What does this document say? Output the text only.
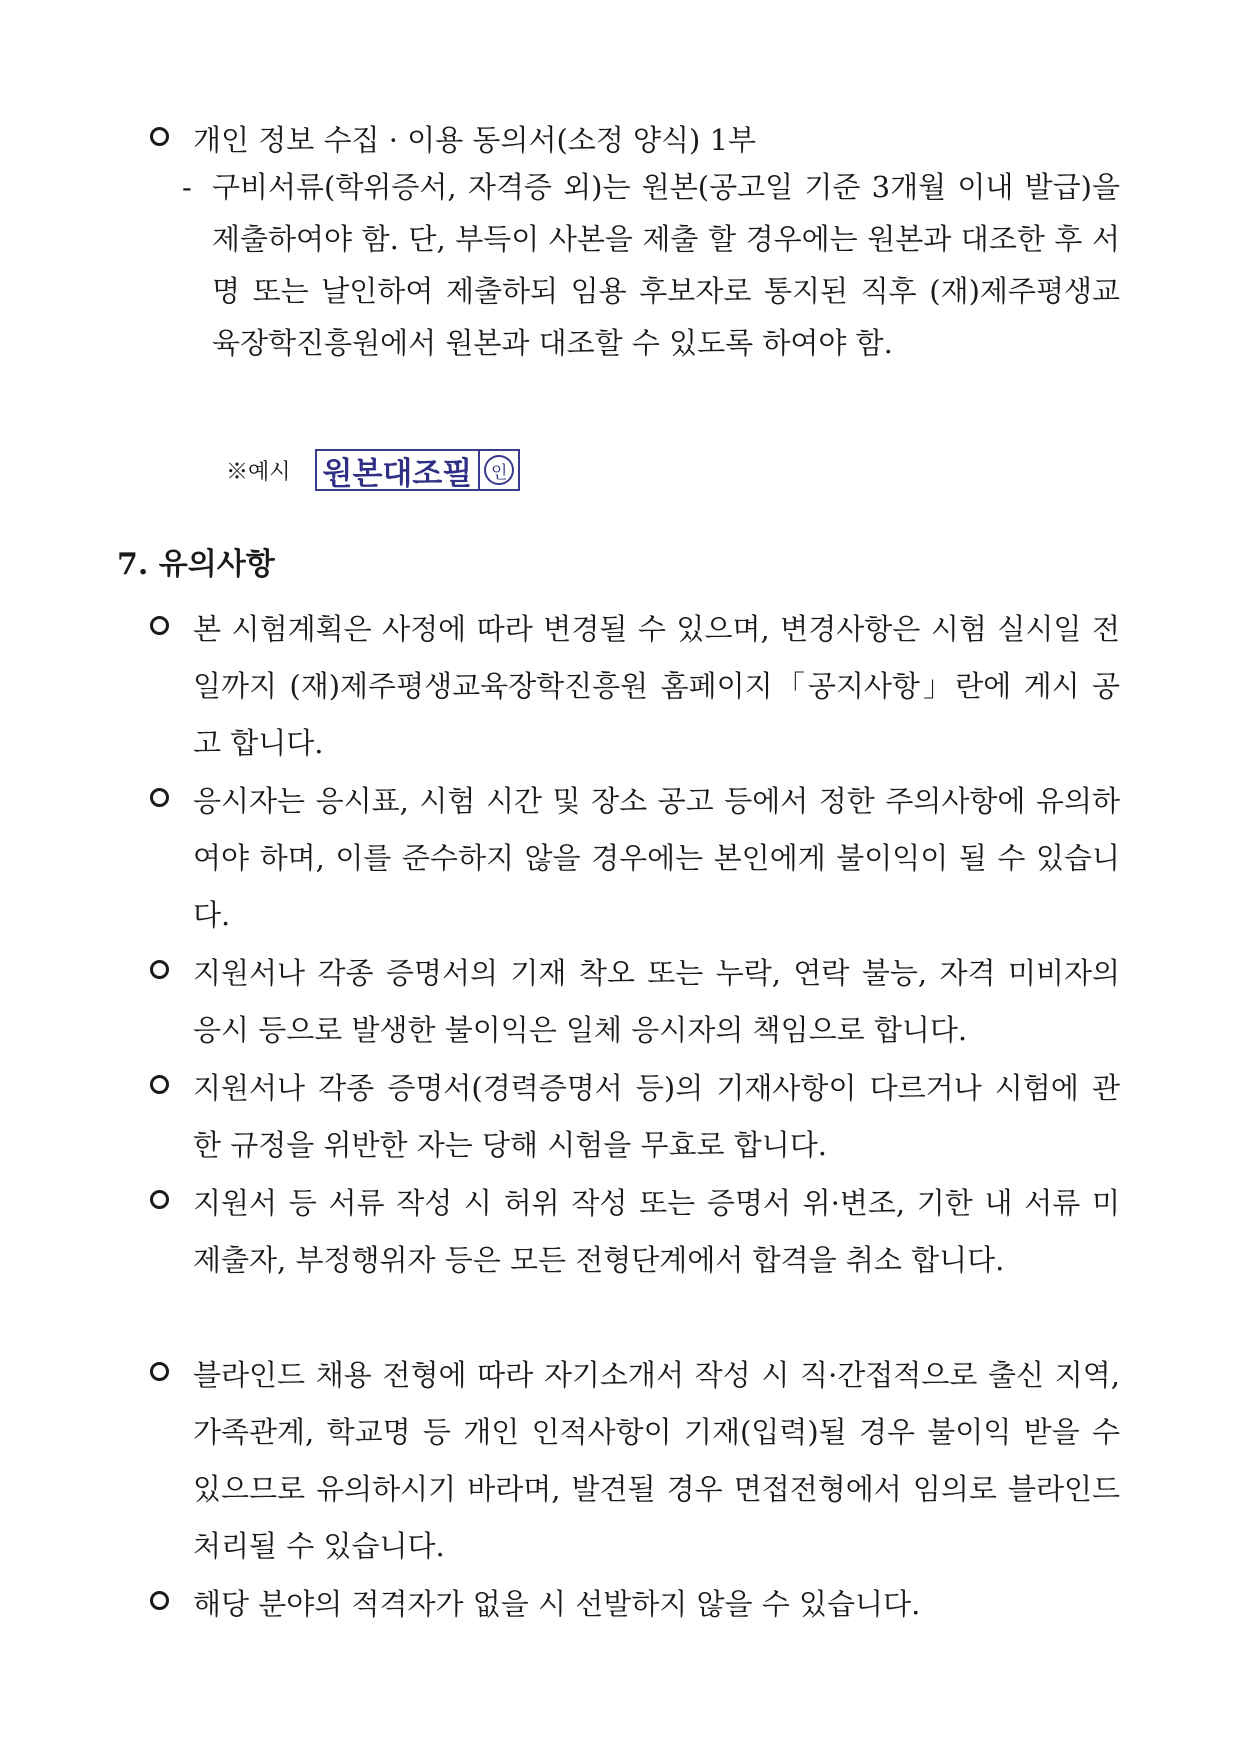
개인 정보 수집 · 이용 동의서(소정 양식) 1부
- 구비서류(학위증서, 자격증 외)는 원본(공고일 기준 3개월 이내 발급)을 제출하여야 함. 단, 부득이 사본을 제출 할 경우에는 원본과 대조한 후 서명 또는 날인하여 제출하되 임용 후보자로 통지된 직후 (재)제주평생교육장학진흥원에서 원본과 대조할 수 있도록 하여야 함.
※예시 원본대조필	인
7. 유의사항
본 시험계획은 사정에 따라 변경될 수 있으며, 변경사항은 시험 실시일 전일까지 (재)제주평생교육장학진흥원 홈페이지「공지사항」란에 게시 공고 합니다.
응시자는 응시표, 시험 시간 및 장소 공고 등에서 정한 주의사항에 유의하여야 하며, 이를 준수하지 않을 경우에는 본인에게 불이익이 될 수 있습니다.
지원서나 각종 증명서의 기재 착오 또는 누락, 연락 불능, 자격 미비자의 응시 등으로 발생한 불이익은 일체 응시자의 책임으로 합니다.
지원서나 각종 증명서(경력증명서 등)의 기재사항이 다르거나 시험에 관한 규정을 위반한 자는 당해 시험을 무효로 합니다.
지원서 등 서류 작성 시 허위 작성 또는 증명서 위·변조, 기한 내 서류 미 제출자, 부정행위자 등은 모든 전형단계에서 합격을 취소 합니다.
블라인드 채용 전형에 따라 자기소개서 작성 시 직·간접적으로 출신 지역, 가족관계, 학교명 등 개인 인적사항이 기재(입력)될 경우 불이익 받을 수 있으므로 유의하시기 바라며, 발견될 경우 면접전형에서 임의로 블라인드 처리될 수 있습니다.
해당 분야의 적격자가 없을 시 선발하지 않을 수 있습니다.
